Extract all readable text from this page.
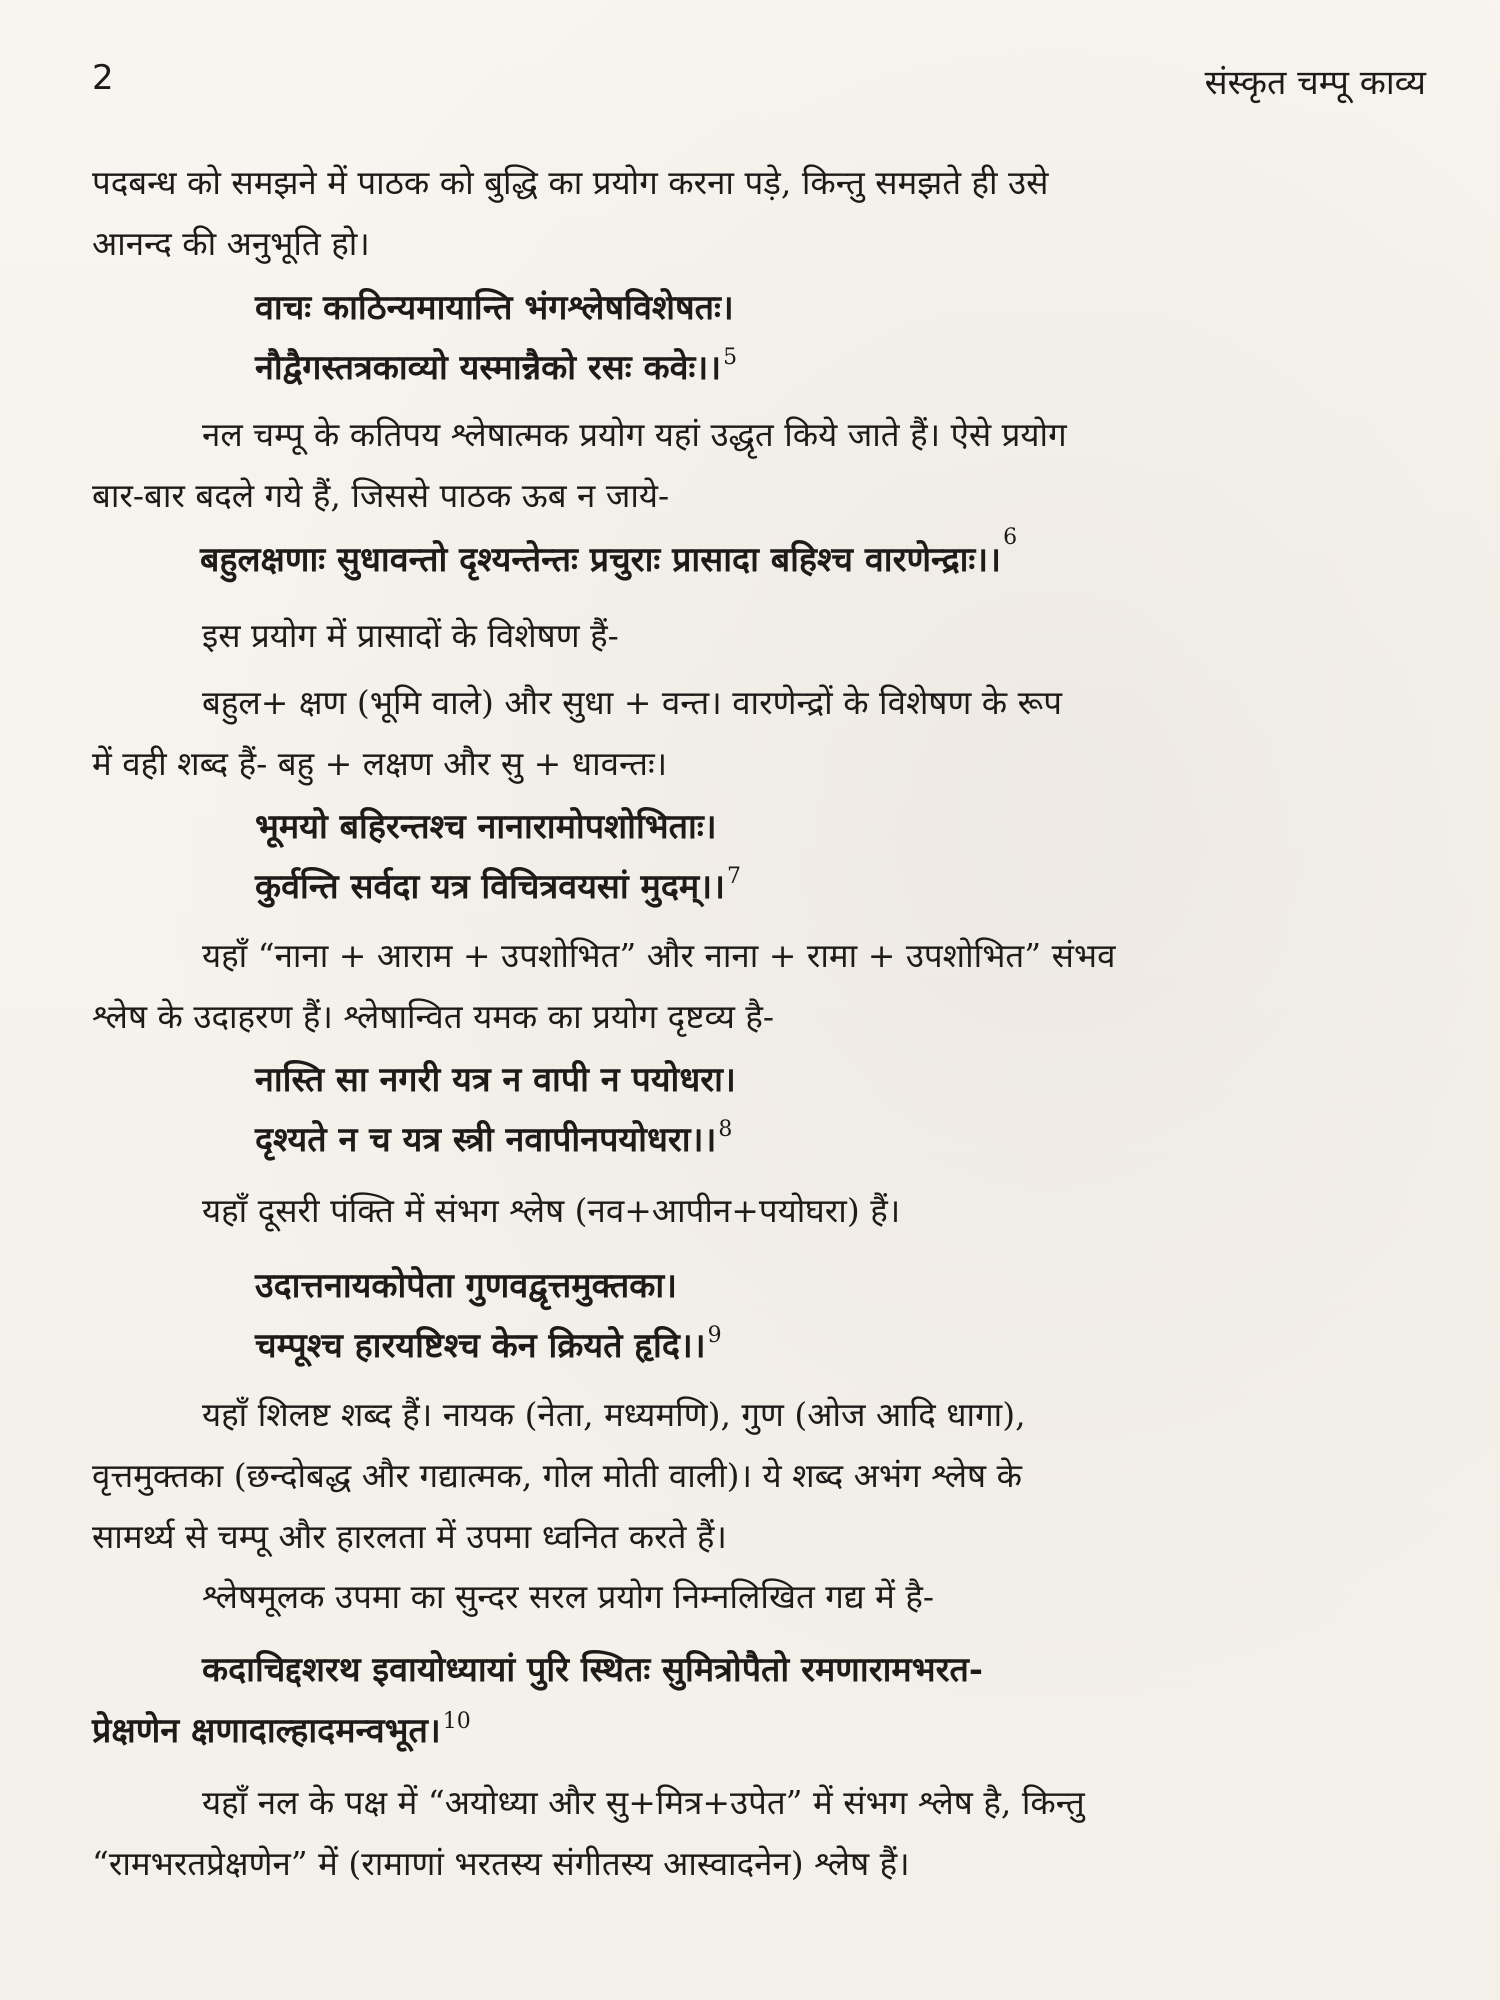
2	संस्कृत चम्पू काव्य
पदबन्ध को समझने में पाठक को बुद्धि का प्रयोग करना पड़े, किन्तु समझते ही उसे
आनन्द की अनुभूति हो।
वाचः काठिन्यमायान्ति भंगश्लेषविशेषतः।
नौद्वैगस्तत्रकाव्यो यस्मान्नैको रसः कवेः।।$^5$
नल चम्पू के कतिपय श्लेषात्मक प्रयोग यहां उद्धृत किये जाते हैं। ऐसे प्रयोग
बार-बार बदले गये हैं, जिससे पाठक ऊब न जाये-
बहुलक्षणाः सुधावन्तो दृश्यन्तेन्तः प्रचुराः प्रासादा बहिश्च वारणेन्द्राः।।$^6$
इस प्रयोग में प्रासादों के विशेषण हैं-
बहुल+ क्षण (भूमि वाले) और सुधा + वन्त। वारणेन्द्रों के विशेषण के रूप
में वही शब्द हैं- बहु + लक्षण और सु + धावन्तः।
भूमयो बहिरन्तश्च नानारामोपशोभिताः।
कुर्वन्ति सर्वदा यत्र विचित्रवयसां मुदम्।।$^7$
यहाँ “नाना + आराम + उपशोभित” और नाना + रामा + उपशोभित” संभव
श्लेष के उदाहरण हैं। श्लेषान्वित यमक का प्रयोग दृष्टव्य है-
नास्ति सा नगरी यत्र न वापी न पयोधरा।
दृश्यते न च यत्र स्त्री नवापीनपयोधरा।।$^8$
यहाँ दूसरी पंक्ति में संभग श्लेष (नव+आपीन+पयोघरा) हैं।
उदात्तनायकोपेता गुणवद्वृत्तमुक्तका।
चम्पूश्च हारयष्टिश्च केन क्रियते हृदि।।$^9$
यहाँ शिलष्ट शब्द हैं। नायक (नेता, मध्यमणि), गुण (ओज आदि धागा),
वृत्तमुक्तका (छन्दोबद्ध और गद्यात्मक, गोल मोती वाली)। ये शब्द अभंग श्लेष के
सामर्थ्य से चम्पू और हारलता में उपमा ध्वनित करते हैं।
श्लेषमूलक उपमा का सुन्दर सरल प्रयोग निम्नलिखित गद्य में है-
कदाचिद्दशरथ इवायोध्यायां पुरि स्थितः सुमित्रोपैतो रमणारामभरत-
प्रेक्षणेन क्षणादाल्हादमन्वभूत।$^{10}$
यहाँ नल के पक्ष में “अयोध्या और सु+मित्र+उपेत” में संभग श्लेष है, किन्तु
“रामभरतप्रेक्षणेन” में (रामाणां भरतस्य संगीतस्य आस्वादनेन) श्लेष हैं।
